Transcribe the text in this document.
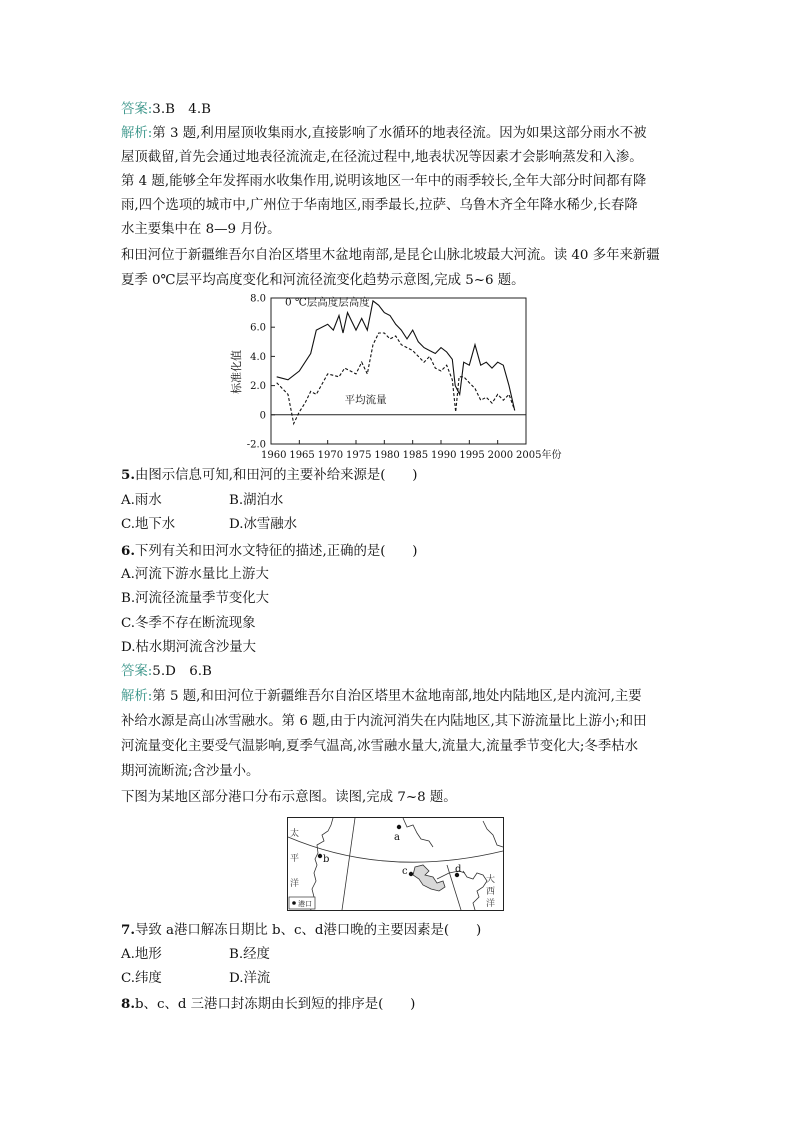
答案:3.B　4.B
解析:第 3 题,利用屋顶收集雨水,直接影响了水循环的地表径流。因为如果这部分雨水不被
屋顶截留,首先会通过地表径流流走,在径流过程中,地表状况等因素才会影响蒸发和入渗。
第 4 题,能够全年发挥雨水收集作用,说明该地区一年中的雨季较长,全年大部分时间都有降
雨,四个选项的城市中,广州位于华南地区,雨季最长,拉萨、乌鲁木齐全年降水稀少,长春降
水主要集中在 8—9 月份。
和田河位于新疆维吾尔自治区塔里木盆地南部,是昆仑山脉北坡最大河流。读 40 多年来新疆
夏季 0℃层平均高度变化和河流径流变化趋势示意图,完成 5~6 题。
标准化值
8.0
6.0
4.0
2.0
0
-2.0
1960 1965 1970 1975 1980 1985 1990 1995 2000 2005年份
0 ℃层高度层高度
平均流量
5.由图示信息可知,和田河的主要补给来源是(　　)
A.雨水	B.湖泊水
C.地下水	D.冰雪融水
6.下列有关和田河水文特征的描述,正确的是(　　)
A.河流下游水量比上游大
B.河流径流量季节变化大
C.冬季不存在断流现象
D.枯水期河流含沙量大
答案:5.D　6.B
解析:第 5 题,和田河位于新疆维吾尔自治区塔里木盆地南部,地处内陆地区,是内流河,主要
补给水源是高山冰雪融水。第 6 题,由于内流河消失在内陆地区,其下游流量比上游小;和田
河流量变化主要受气温影响,夏季气温高,冰雪融水量大,流量大,流量季节变化大;冬季枯水
期河流断流;含沙量小。
下图为某地区部分港口分布示意图。读图,完成 7~8 题。
太
平
洋	大
西
洋
a
b
c	d
港口
7.导致 a港口解冻日期比 b、c、d港口晚的主要因素是(　　)
A.地形	B.经度
C.纬度	D.洋流
8.b、c、d 三港口封冻期由长到短的排序是(　　)
